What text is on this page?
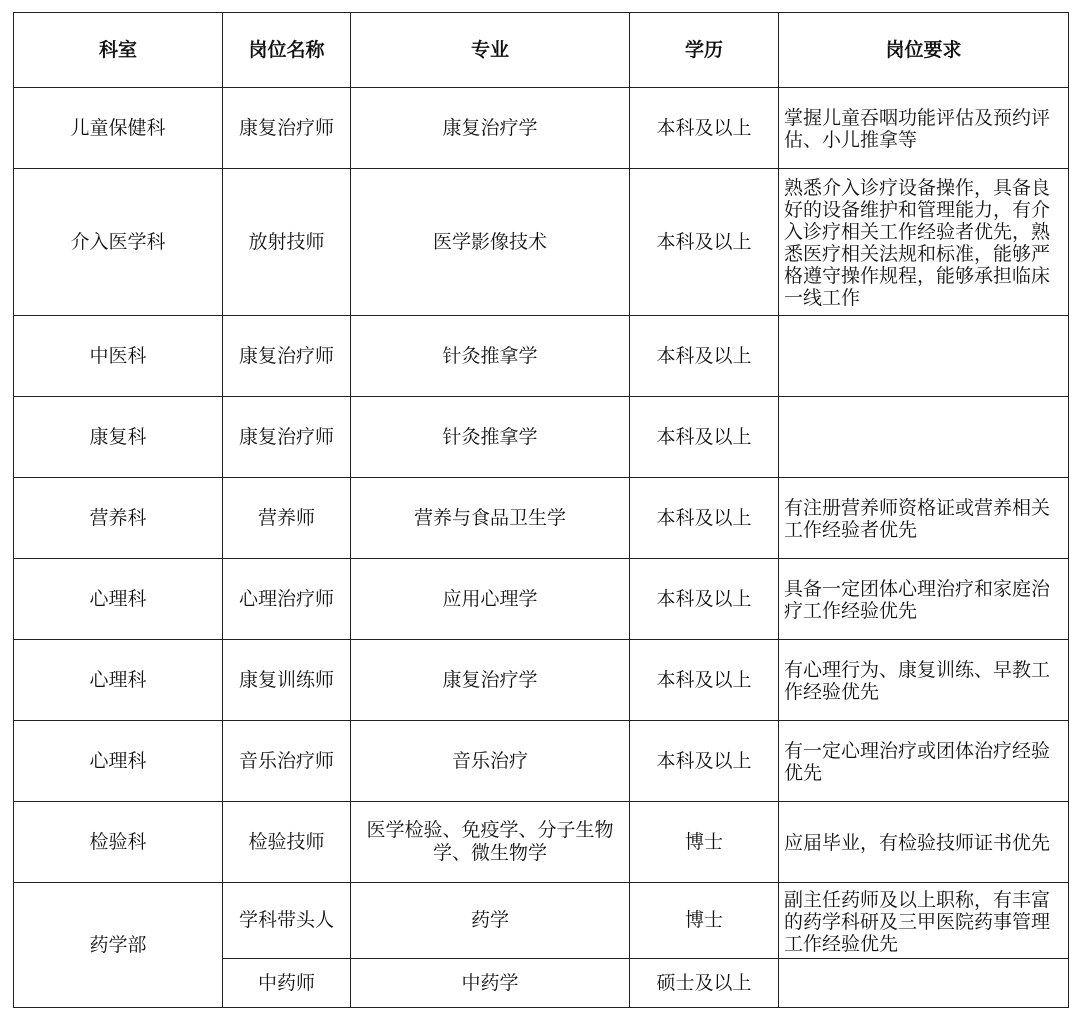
科室	岗位名称	专业	学历	岗位要求
儿童保健科	康复治疗师	康复治疗学	本科及以上	掌握儿童吞咽功能评估及预约评估、小儿推拿等
介入医学科	放射技师	医学影像技术	本科及以上	熟悉介入诊疗设备操作，具备良好的设备维护和管理能力，有介入诊疗相关工作经验者优先，熟悉医疗相关法规和标准，能够严格遵守操作规程，能够承担临床一线工作
中医科	康复治疗师	针灸推拿学	本科及以上	
康复科	康复治疗师	针灸推拿学	本科及以上	
营养科	营养师	营养与食品卫生学	本科及以上	有注册营养师资格证或营养相关工作经验者优先
心理科	心理治疗师	应用心理学	本科及以上	具备一定团体心理治疗和家庭治疗工作经验优先
心理科	康复训练师	康复治疗学	本科及以上	有心理行为、康复训练、早教工作经验优先
心理科	音乐治疗师	音乐治疗	本科及以上	有一定心理治疗或团体治疗经验优先
检验科	检验技师	医学检验、免疫学、分子生物学、微生物学	博士	应届毕业，有检验技师证书优先
药学部	学科带头人	药学	博士	副主任药师及以上职称，有丰富的药学科研及三甲医院药事管理工作经验优先
	中药师	中药学	硕士及以上	
